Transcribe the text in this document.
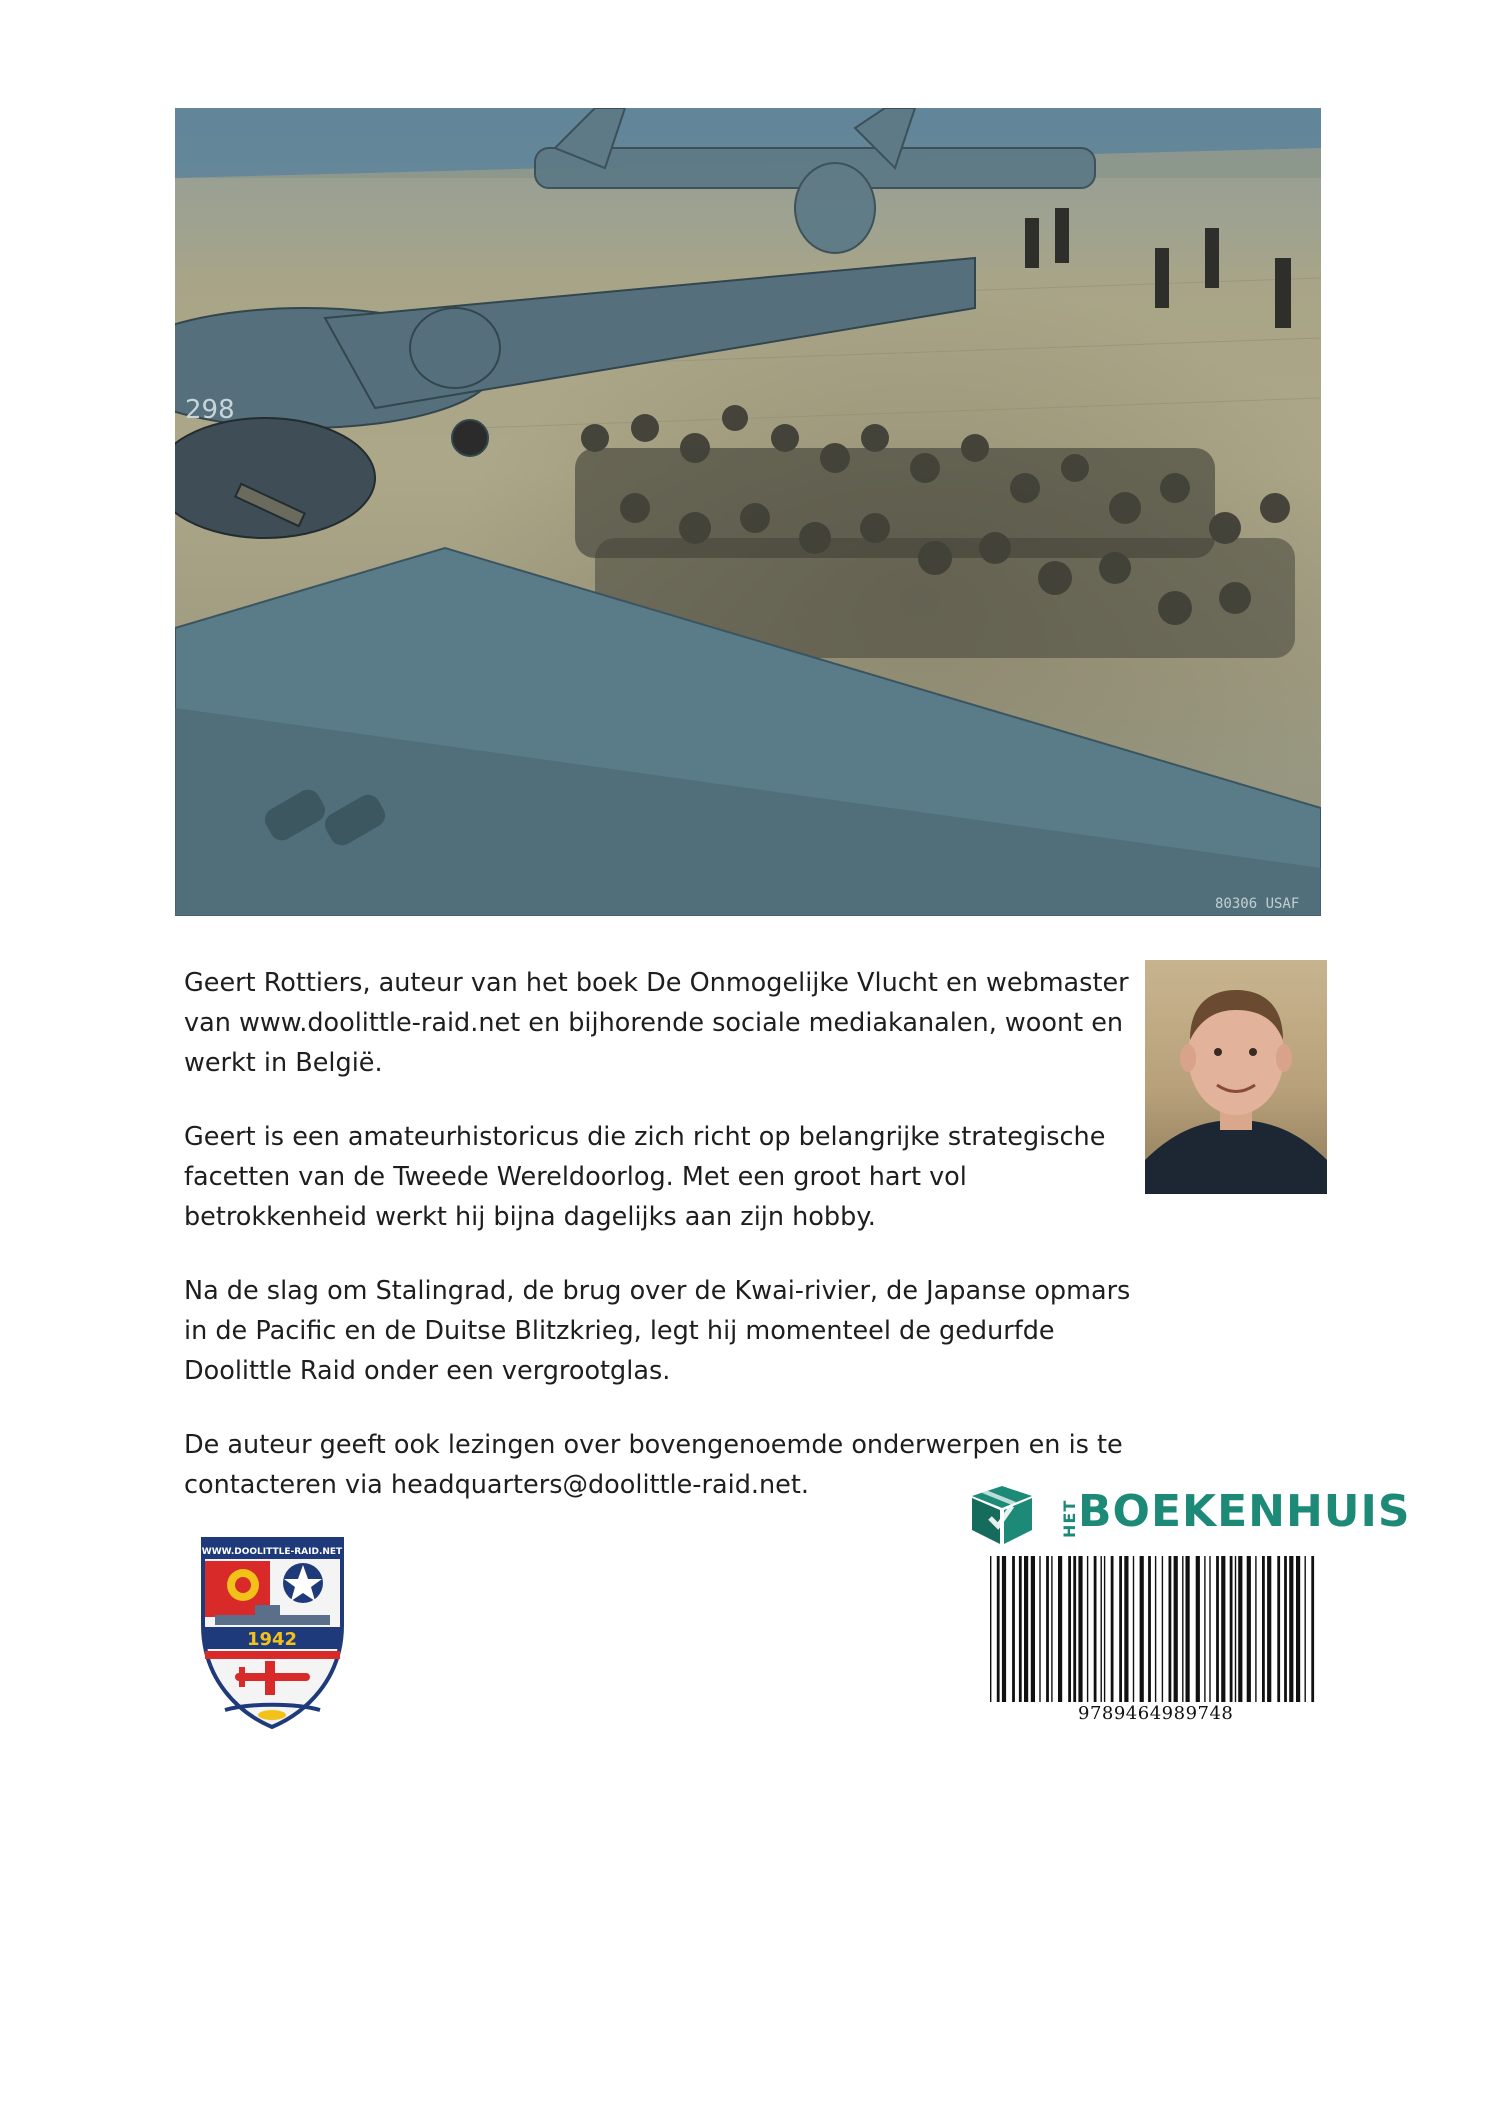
298
80306 USAF

Geert Rottiers, auteur van het boek De Onmogelijke Vlucht en webmaster van www.doolittle-raid.net en bijhorende sociale mediakanalen, woont en werkt in België.

Geert is een amateurhistoricus die zich richt op belangrijke strategische facetten van de Tweede Wereldoorlog. Met een groot hart vol betrokkenheid werkt hij bijna dagelijks aan zijn hobby.

Na de slag om Stalingrad, de brug over de Kwai-rivier, de Japanse opmars in de Pacific en de Duitse Blitzkrieg, legt hij momenteel de gedurfde Doolittle Raid onder een vergrootglas.

De auteur geeft ook lezingen over bovengenoemde onderwerpen en is te contacteren via headquarters@doolittle-raid.net.

WWW.DOOLITTLE-RAID.NET
1942
HET BOEKENHUIS
9789464989748
